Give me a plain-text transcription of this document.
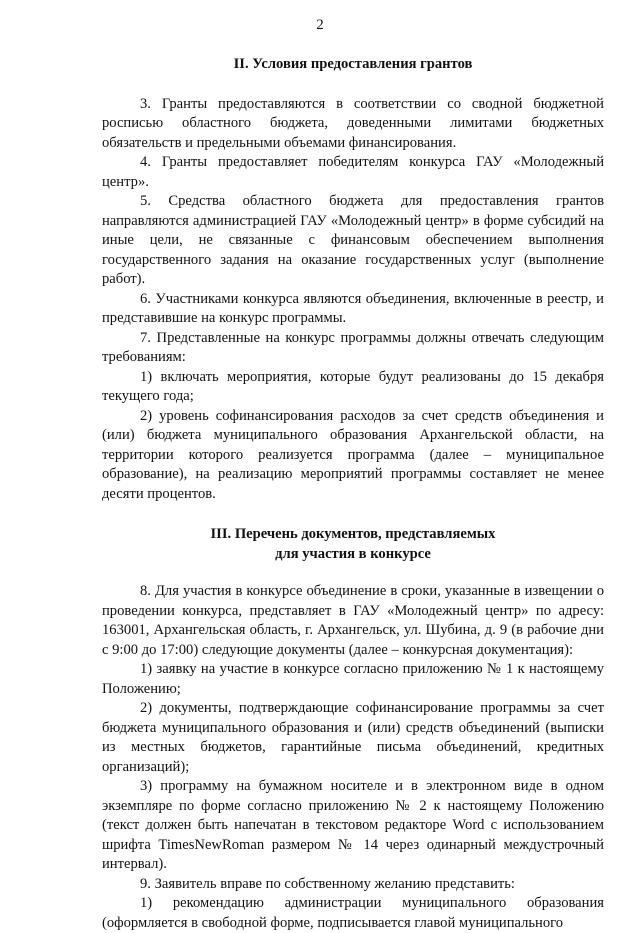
2
II. Условия предоставления грантов

3. Гранты предоставляются в соответствии со сводной бюджетной росписью областного бюджета, доведенными лимитами бюджетных обязательств и предельными объемами финансирования.

4. Гранты предоставляет победителям конкурса ГАУ «Молодежный центр».

5. Средства областного бюджета для предоставления грантов направляются администрацией ГАУ «Молодежный центр» в форме субсидий на иные цели, не связанные с финансовым обеспечением выполнения государственного задания на оказание государственных услуг (выполнение работ).

6. Участниками конкурса являются объединения, включенные в реестр, и представившие на конкурс программы.

7. Представленные на конкурс программы должны отвечать следующим требованиям:

1) включать мероприятия, которые будут реализованы до 15 декабря текущего года;

2) уровень софинансирования расходов за счет средств объединения и (или) бюджета муниципального образования Архангельской области, на территории которого реализуется программа (далее – муниципальное образование), на реализацию мероприятий программы составляет не менее десяти процентов.

III. Перечень документов, представляемых
для участия в конкурсе

8. Для участия в конкурсе объединение в сроки, указанные в извещении о проведении конкурса, представляет в ГАУ «Молодежный центр» по адресу: 163001, Архангельская область, г. Архангельск, ул. Шубина, д. 9 (в рабочие дни с 9:00 до 17:00) следующие документы (далее – конкурсная документация):

1) заявку на участие в конкурсе согласно приложению № 1 к настоящему Положению;

2) документы, подтверждающие софинансирование программы за счет бюджета муниципального образования и (или) средств объединений (выписки из местных бюджетов, гарантийные письма объединений, кредитных организаций);

3) программу на бумажном носителе и в электронном виде в одном экземпляре по форме согласно приложению № 2 к настоящему Положению (текст должен быть напечатан в текстовом редакторе Word с использованием шрифта TimesNewRoman размером № 14 через одинарный междустрочный интервал).

9. Заявитель вправе по собственному желанию представить:

1) рекомендацию администрации муниципального образования (оформляется в свободной форме, подписывается главой муниципального
